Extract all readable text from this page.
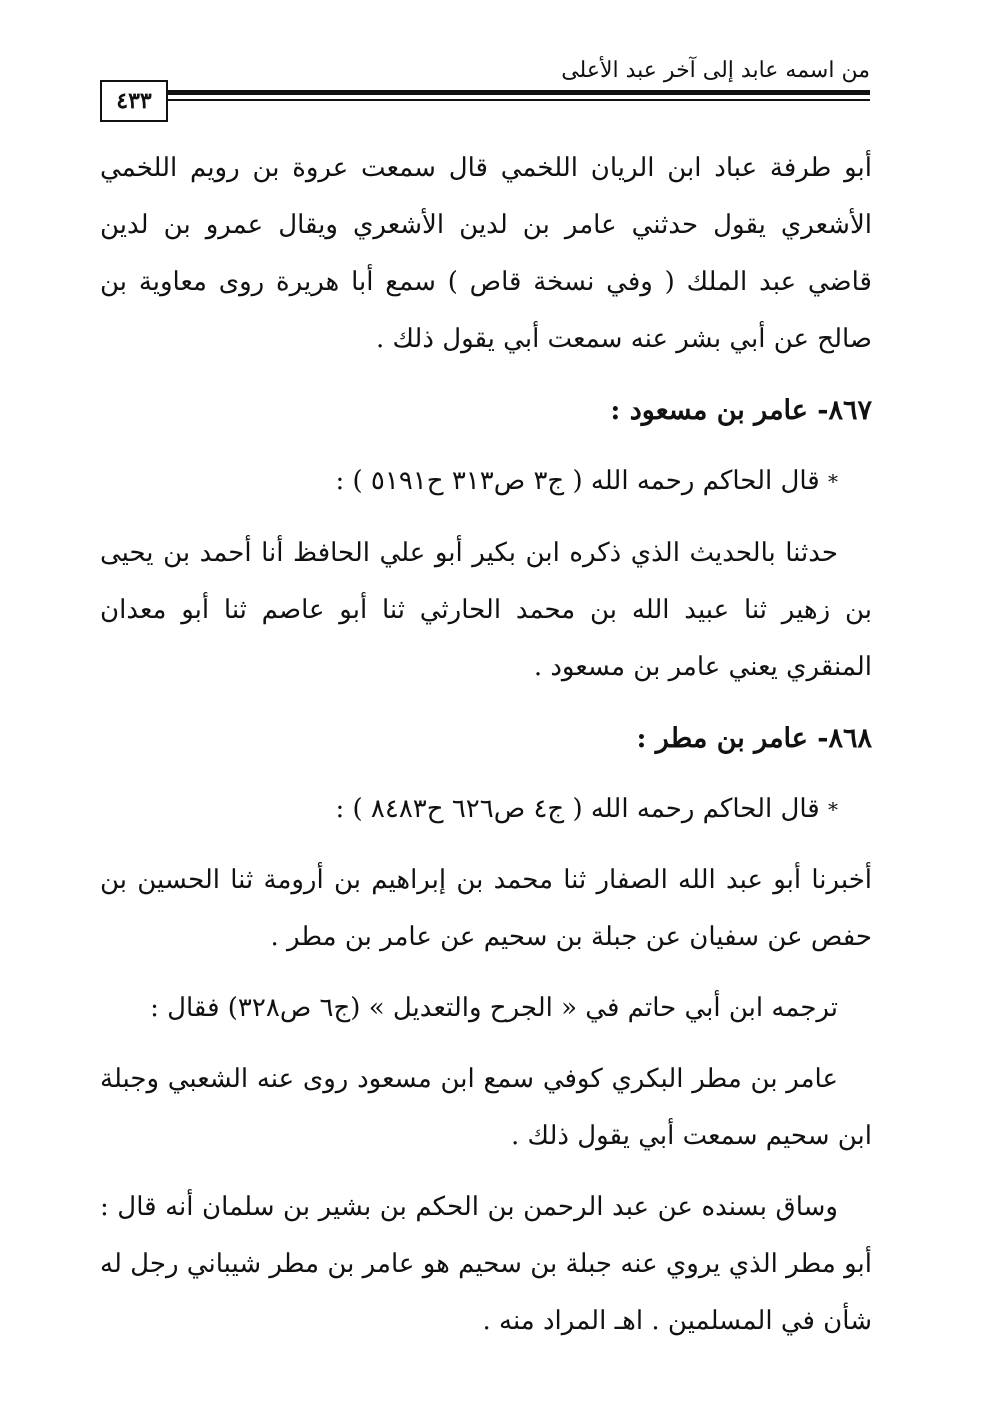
من اسمه عابد إلى آخر عبد الأعلى
٤٣٣

أبو طرفة عباد ابن الريان اللخمي قال سمعت عروة بن رويم اللخمي الأشعري يقول حدثني عامر بن لدين الأشعري ويقال عمرو بن لدين قاضي عبد الملك ( وفي نسخة قاص ) سمع أبا هريرة روى معاوية بن صالح عن أبي بشر عنه سمعت أبي يقول ذلك .

٨٦٧- عامر بن مسعود :
* قال الحاكم رحمه الله ( ج٣ ص٣١٣ ح٥١٩١ ) :

حدثنا بالحديث الذي ذكره ابن بكير أبو علي الحافظ أنا أحمد بن يحيى بن زهير ثنا عبيد الله بن محمد الحارثي ثنا أبو عاصم ثنا أبو معدان المنقري يعني عامر بن مسعود .

٨٦٨- عامر بن مطر :
* قال الحاكم رحمه الله ( ج٤ ص٦٢٦ ح٨٤٨٣ ) :

أخبرنا أبو عبد الله الصفار ثنا محمد بن إبراهيم بن أرومة ثنا الحسين بن حفص عن سفيان عن جبلة بن سحيم عن عامر بن مطر .

ترجمه ابن أبي حاتم في « الجرح والتعديل » (ج٦ ص٣٢٨) فقال :

عامر بن مطر البكري كوفي سمع ابن مسعود روى عنه الشعبي وجبلة ابن سحيم سمعت أبي يقول ذلك .

وساق بسنده عن عبد الرحمن بن الحكم بن بشير بن سلمان أنه قال : أبو مطر الذي يروي عنه جبلة بن سحيم هو عامر بن مطر شيباني رجل له شأن في المسلمين . اهـ المراد منه .
